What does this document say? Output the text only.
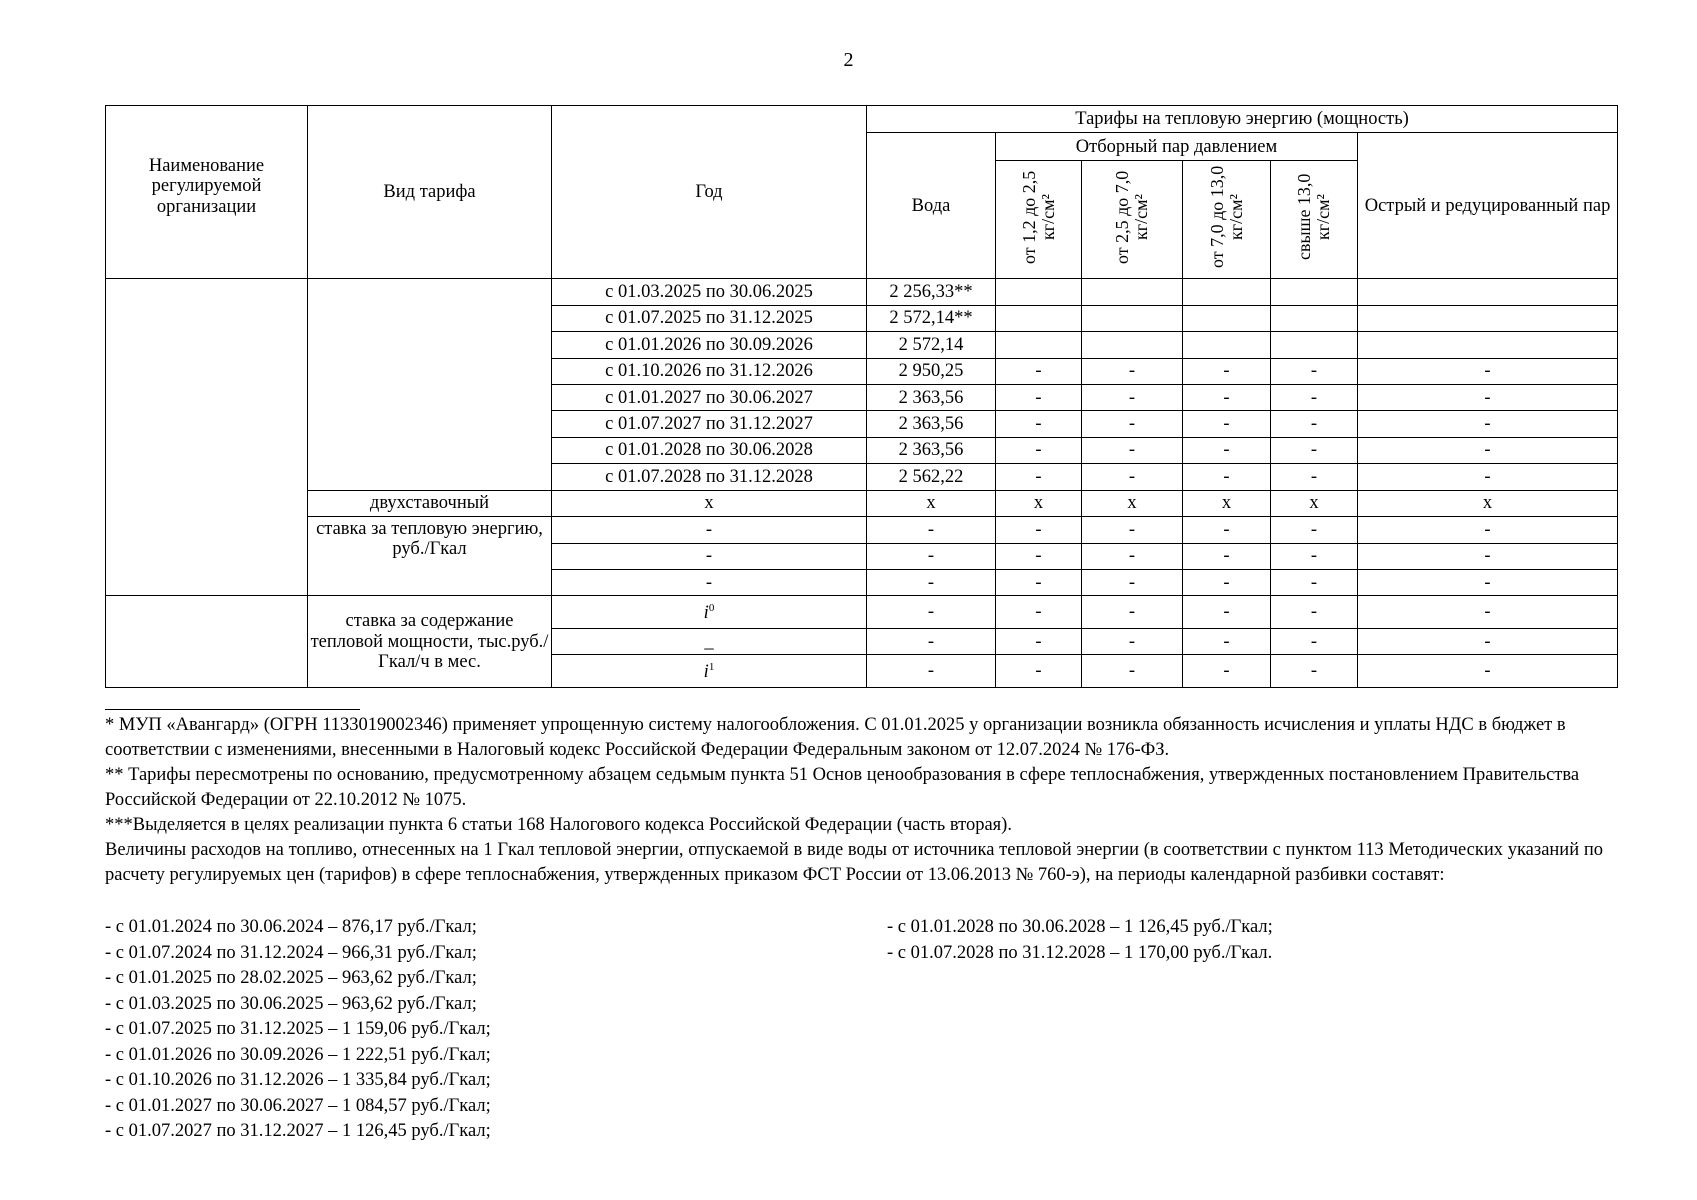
2
Наименование регулируемой организации	Вид тарифа	Год	Тарифы на тепловую энергию (мощность)					
			Вода	Отборный пар давлением				Острый и редуцированный пар
				от 1,2 до 2,5 кг/см²	от 2,5 до 7,0 кг/см²	от 7,0 до 13,0 кг/см²	свыше 13,0 кг/см²	
		с 01.03.2025 по 30.06.2025	2 256,33**					
		с 01.07.2025 по 31.12.2025	2 572,14**					
		с 01.01.2026 по 30.09.2026	2 572,14					
		с 01.10.2026 по 31.12.2026	2 950,25	-	-	-	-	-
		с 01.01.2027 по 30.06.2027	2 363,56	-	-	-	-	-
		с 01.07.2027 по 31.12.2027	2 363,56	-	-	-	-	-
		с 01.01.2028 по 30.06.2028	2 363,56	-	-	-	-	-
		с 01.07.2028 по 31.12.2028	2 562,22	-	-	-	-	-
	двухставочный	х	х	х	х	х	х	х
	ставка за тепловую энергию, руб./Гкал	-	-	-	-	-	-	-
		-	-	-	-	-	-	-
		-	-	-	-	-	-	-
	ставка за содержание тепловой мощности, тыс.руб./Гкал/ч в мес.	$i^0$	-	-	-	-	-	-
		_	-	-	-	-	-	-
		$i^1$	-	-	-	-	-	-
* МУП «Авангард» (ОГРН 1133019002346) применяет упрощенную систему налогообложения. С 01.01.2025 у организации возникла обязанность исчисления и уплаты НДС в бюджет в соответствии с изменениями, внесенными в Налоговый кодекс Российской Федерации Федеральным законом от 12.07.2024 № 176-ФЗ.
** Тарифы пересмотрены по основанию, предусмотренному абзацем седьмым пункта 51 Основ ценообразования в сфере теплоснабжения, утвержденных постановлением Правительства Российской Федерации от 22.10.2012 № 1075.
***Выделяется в целях реализации пункта 6 статьи 168 Налогового кодекса Российской Федерации (часть вторая).
Величины расходов на топливо, отнесенных на 1 Гкал тепловой энергии, отпускаемой в виде воды от источника тепловой энергии (в соответствии с пунктом 113 Методических указаний по расчету регулируемых цен (тарифов) в сфере теплоснабжения, утвержденных приказом ФСТ России от 13.06.2013 № 760-э), на периоды календарной разбивки составят:
- с 01.01.2024 по 30.06.2024 – 876,17 руб./Гкал;
- с 01.07.2024 по 31.12.2024 – 966,31 руб./Гкал;
- с 01.01.2025 по 28.02.2025 – 963,62 руб./Гкал;
- с 01.03.2025 по 30.06.2025 – 963,62 руб./Гкал;
- с 01.07.2025 по 31.12.2025 – 1 159,06 руб./Гкал;
- с 01.01.2026 по 30.09.2026 – 1 222,51 руб./Гкал;
- с 01.10.2026 по 31.12.2026 – 1 335,84 руб./Гкал;
- с 01.01.2027 по 30.06.2027 – 1 084,57 руб./Гкал;
- с 01.07.2027 по 31.12.2027 – 1 126,45 руб./Гкал;
- с 01.01.2028 по 30.06.2028 – 1 126,45 руб./Гкал;
- с 01.07.2028 по 31.12.2028 – 1 170,00 руб./Гкал.
